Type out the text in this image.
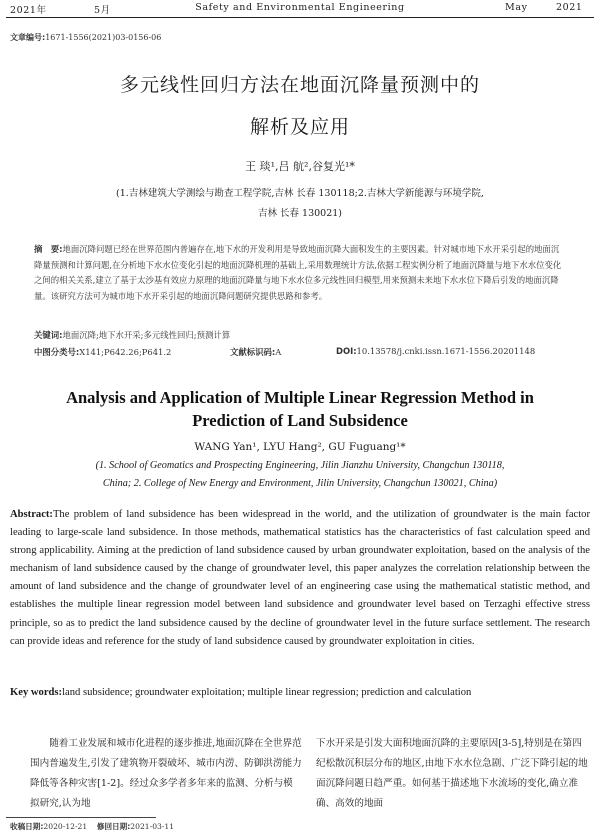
2021年	5月	Safety and Environmental Engineering	May	2021
文章编号:1671-1556(2021)03-0156-06
多元线性回归方法在地面沉降量预测中的
解析及应用
王 琰¹,吕 航²,谷复光¹*
(1.吉林建筑大学测绘与勘查工程学院,吉林 长春 130118;2.吉林大学新能源与环境学院,
吉林 长春 130021)
摘　要:地面沉降问题已经在世界范围内普遍存在,地下水的开发利用是导致地面沉降大面积发生的主要因素。针对城市地下水开采引起的地面沉降量预测和计算问题,在分析地下水水位变化引起的地面沉降机理的基础上,采用数理统计方法,依据工程实例分析了地面沉降量与地下水水位变化之间的相关关系,建立了基于太沙基有效应力原理的地面沉降量与地下水水位多元线性回归模型,用来预测未来地下水水位下降后引发的地面沉降量。该研究方法可为城市地下水开采引起的地面沉降问题研究提供思路和参考。
关键词:地面沉降;地下水开采;多元线性回归;预测计算
中图分类号:X141;P642.26;P641.2	文献标识码:A	DOI:10.13578/j.cnki.issn.1671-1556.20201148
Analysis and Application of Multiple Linear Regression Method in
Prediction of Land Subsidence
WANG Yan¹, LYU Hang², GU Fuguang¹*
(1. School of Geomatics and Prospecting Engineering, Jilin Jianzhu University, Changchun 130118,
China; 2. College of New Energy and Environment, Jilin University, Changchun 130021, China)
Abstract:The problem of land subsidence has been widespread in the world, and the utilization of groundwater is the main factor leading to large-scale land subsidence. In those methods, mathematical statistics has the characteristics of fast calculation speed and strong applicability. Aiming at the prediction of land subsidence caused by urban groundwater exploitation, based on the analysis of the mechanism of land subsidence caused by the change of groundwater level, this paper analyzes the correlation relationship between the amount of land subsidence and the change of groundwater level of an engineering case using the mathematical statistic method, and establishes the multiple linear regression model between land subsidence and groundwater level based on Terzaghi effective stress principle, so as to predict the land subsidence caused by the decline of groundwater level in the future surface settlement. The research can provide ideas and reference for the study of land subsidence caused by groundwater exploitation in cities.
Key words:land subsidence; groundwater exploitation; multiple linear regression; prediction and calculation
随着工业发展和城市化进程的逐步推进,地面沉降在全世界范围内普遍发生,引发了建筑物开裂破坏、城市内涝、防御洪涝能力降低等各种灾害[1-2]。经过众多学者多年来的监测、分析与模拟研究,认为地
下水开采是引发大面积地面沉降的主要原因[3-5],特别是在第四纪松散沉积层分布的地区,由地下水水位急剧、广泛下降引起的地面沉降问题日趋严重。如何基于描述地下水流场的变化,确立准确、高效的地面
收稿日期:2020-12-21 修回日期:2021-03-11
